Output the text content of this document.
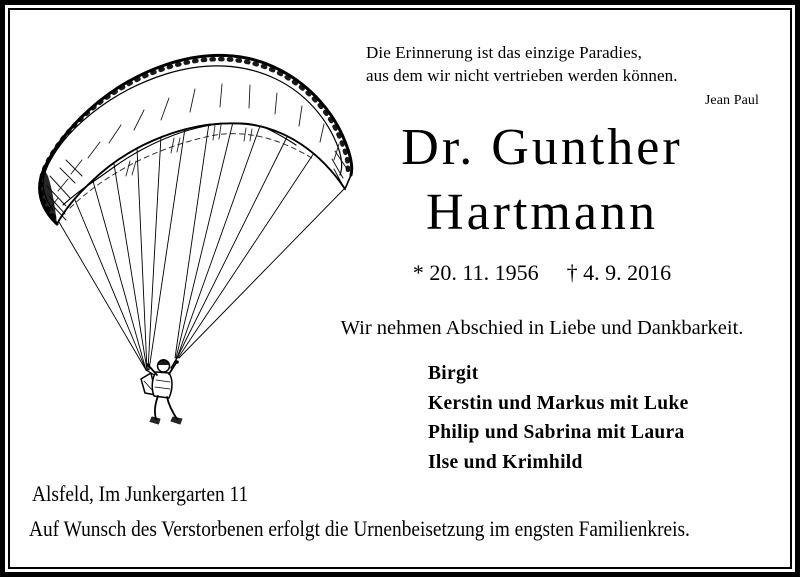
Die Erinnerung ist das einzige Paradies,
aus dem wir nicht vertrieben werden können.
Jean Paul
Dr. Gunther
Hartmann
* 20. 11. 1956 † 4. 9. 2016
Wir nehmen Abschied in Liebe und Dankbarkeit.
Birgit
Kerstin und Markus mit Luke
Philip und Sabrina mit Laura
Ilse und Krimhild
Alsfeld, Im Junkergarten 11
Auf Wunsch des Verstorbenen erfolgt die Urnenbeisetzung im engsten Familienkreis.
